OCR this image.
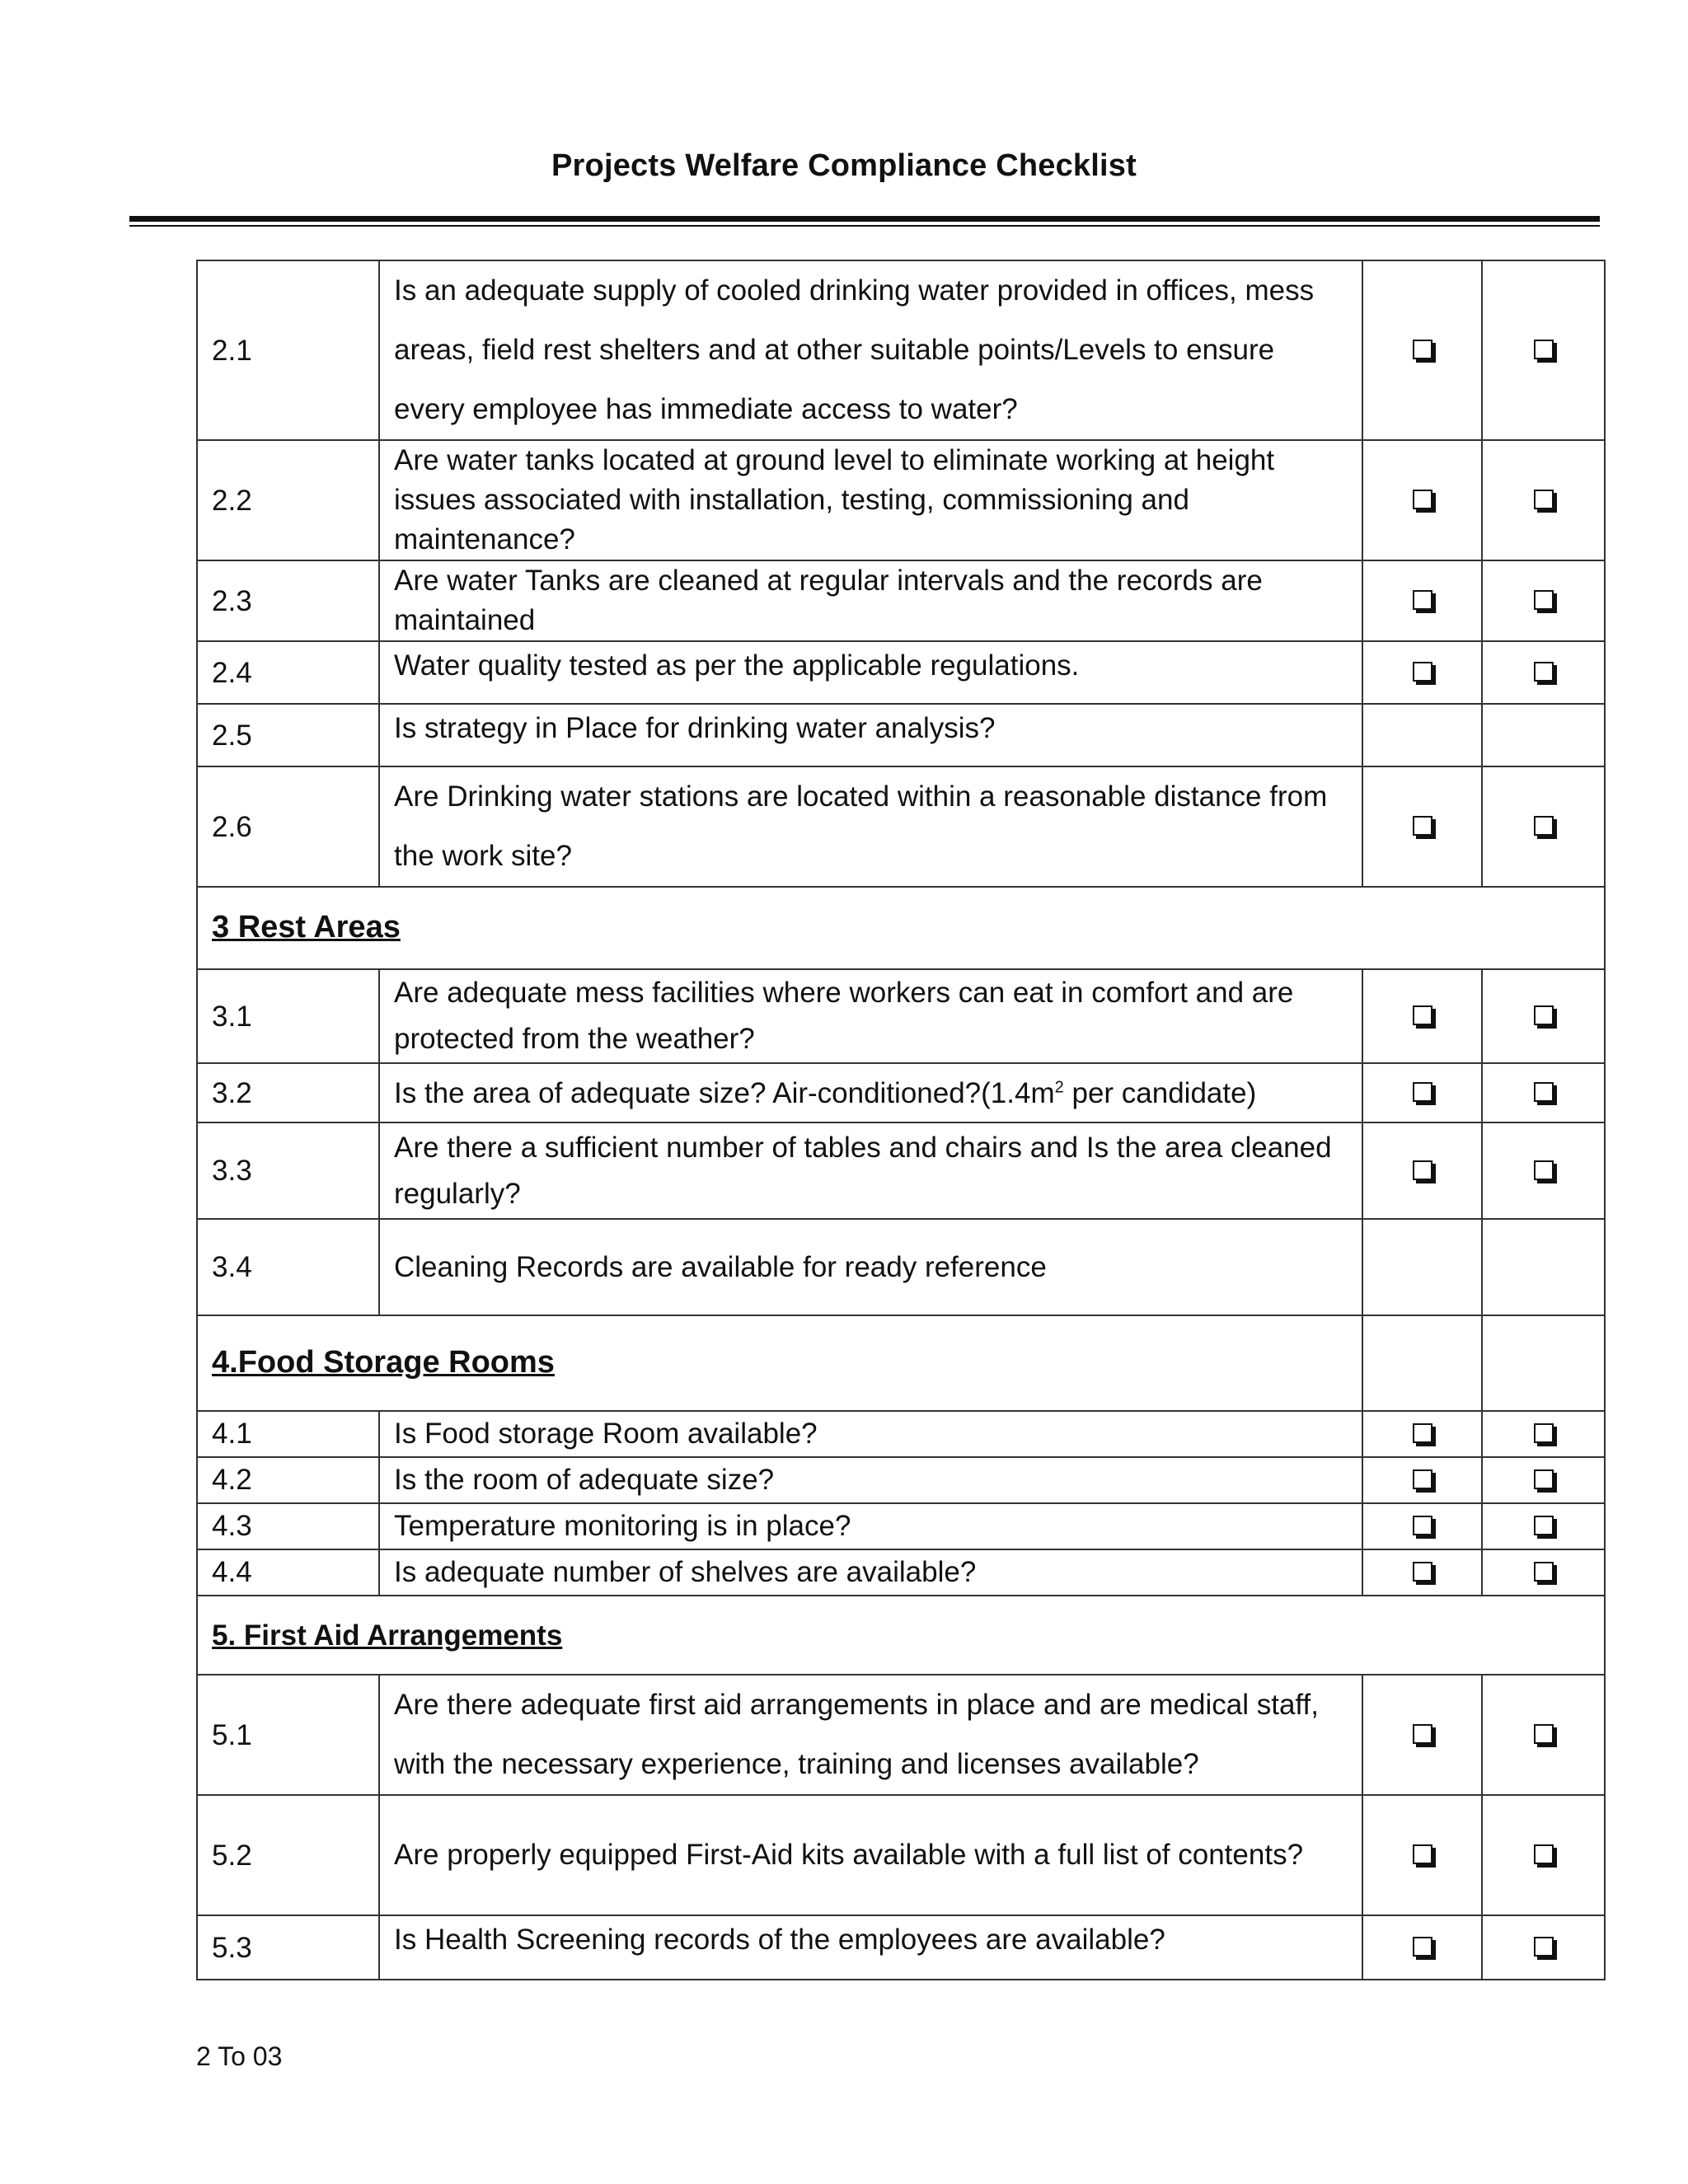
Projects Welfare Compliance Checklist
2.1	Is an adequate supply of cooled drinking water provided in offices, mess areas, field rest shelters and at other suitable points/Levels to ensure every employee has immediate access to water?		
2.2	Are water tanks located at ground level to eliminate working at height issues associated with installation, testing, commissioning and maintenance?		
2.3	Are water Tanks are cleaned at regular intervals and the records are maintained		
2.4	Water quality tested as per the applicable regulations.		
2.5	Is strategy in Place for drinking water analysis?		
2.6	Are Drinking water stations are located within a reasonable distance from the work site?		
3 Rest Areas			
3.1	Are adequate mess facilities where workers can eat in comfort and are protected from the weather?		
3.2	Is the area of adequate size? Air-$conditioned?(1.4m^2$ per candidate)		
3.3	Are there a sufficient number of tables and chairs and Is the area cleaned regularly?		
3.4	Cleaning Records are available for ready reference		
4.Food Storage Rooms			
4.1	Is Food storage Room available?		
4.2	Is the room of adequate size?		
4.3	Temperature monitoring is in place?		
4.4	Is adequate number of shelves are available?		
5. First Aid Arrangements			
5.1	Are there adequate first aid arrangements in place and are medical staff, with the necessary experience, training and licenses available?		
5.2	Are properly equipped First-Aid kits available with a full list of contents?		
5.3	Is Health Screening records of the employees are available?		
2 To 03
